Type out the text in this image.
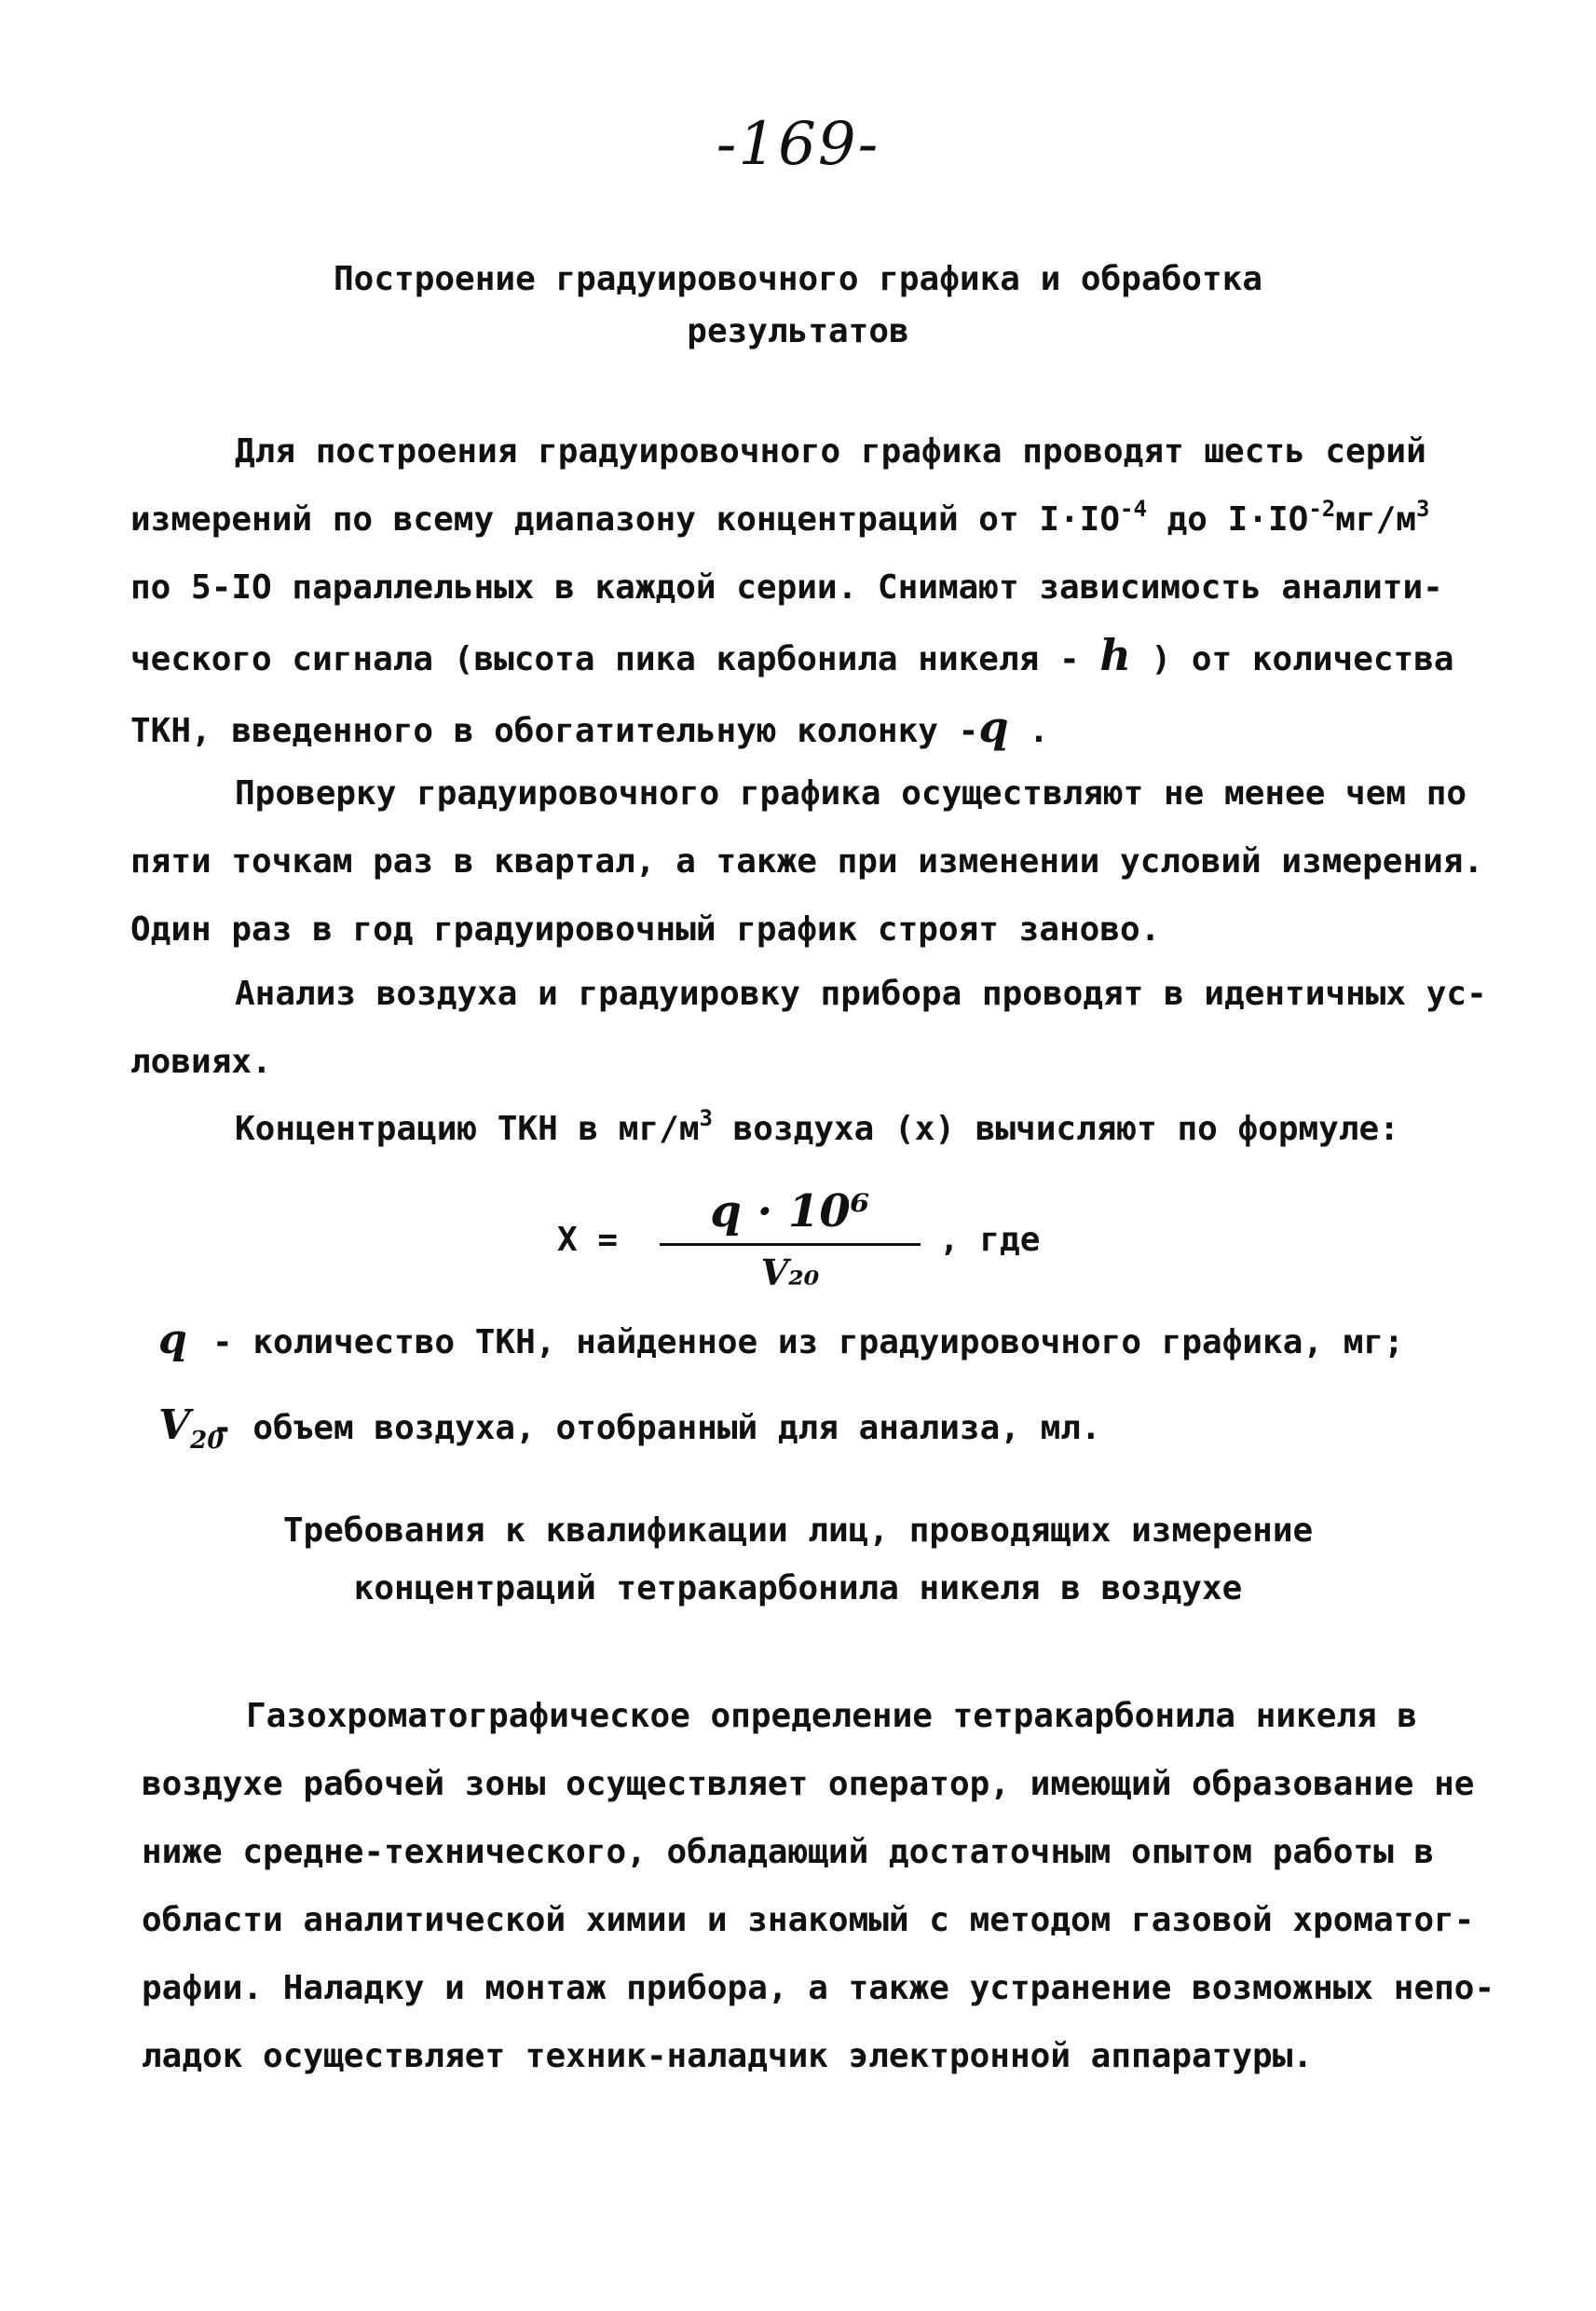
-169-
Построение градуировочного графика и обработка
результатов
Для построения градуировочного графика проводят шесть серий
измерений по всему диапазону концентраций от $I\cdot IO^{-4}$ до $I\cdot IO^{-2}мг/м^3$
по 5-IO параллельных в каждой серии. Снимают зависимость аналити-
ческого сигнала (высота пика карбонила никеля - h ) от количества
ТКН, введенного в обогатительную колонку -q .
Проверку градуировочного графика осуществляют не менее чем по
пяти точкам раз в квартал, а также при изменении условий измерения.
Один раз в год градуировочный график строят заново.
Анализ воздуха и градуировку прибора проводят в идентичных ус-
ловиях.
Концентрацию ТКН в $мг/м^3$ воздуха (x) вычисляют по формуле:
X =
q · 10⁶
V₂₀
, где
q - количество ТКН, найденное из градуировочного графика, мг;
$V_{20}-$ объем воздуха, отобранный для анализа, мл.
Требования к квалификации лиц, проводящих измерение
концентраций тетракарбонила никеля в воздухе
Газохроматографическое определение тетракарбонила никеля в
воздухе рабочей зоны осуществляет оператор, имеющий образование не
ниже средне-технического, обладающий достаточным опытом работы в
области аналитической химии и знакомый с методом газовой хроматог-
рафии. Наладку и монтаж прибора, а также устранение возможных непо-
ладок осуществляет техник-наладчик электронной аппаратуры.
